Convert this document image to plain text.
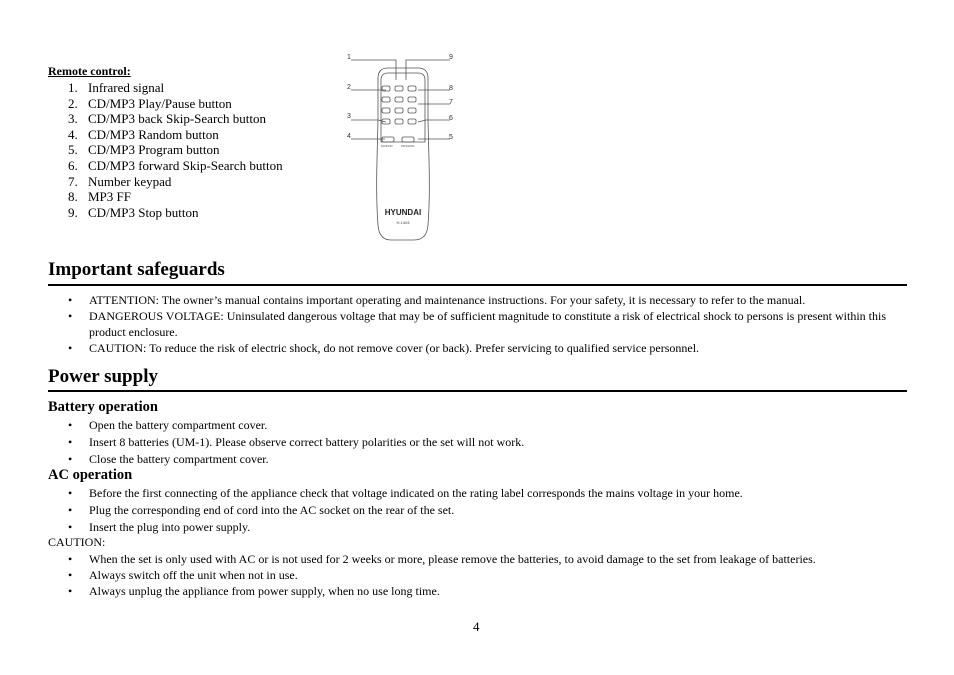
Remote control:
1. Infrared signal
2. CD/MP3 Play/Pause button
3. CD/MP3 back Skip-Search button
4. CD/MP3 Random button
5. CD/MP3 Program button
6. CD/MP3 forward Skip-Search button
7. Number keypad
8. MP3 FF
9. CD/MP3 Stop button
1
2
3
4
9
8
7
6
5
RANDOM	PROGRAM
HYUNDAI
H-1404
Important safeguards
• ATTENTION: The owner’s manual contains important operating and maintenance instructions. For your safety, it is necessary to refer to the manual.
• DANGEROUS VOLTAGE: Uninsulated dangerous voltage that may be of sufficient magnitude to constitute a risk of electrical shock to persons is present within this product enclosure.
• CAUTION: To reduce the risk of electric shock, do not remove cover (or back). Prefer servicing to qualified service personnel.
Power supply
Battery operation
• Open the battery compartment cover.
• Insert 8 batteries (UM-1). Please observe correct battery polarities or the set will not work.
• Close the battery compartment cover.
AC operation
• Before the first connecting of the appliance check that voltage indicated on the rating label corresponds the mains voltage in your home.
• Plug the corresponding end of cord into the AC socket on the rear of the set.
• Insert the plug into power supply.
CAUTION:
• When the set is only used with AC or is not used for 2 weeks or more, please remove the batteries, to avoid damage to the set from leakage of batteries.
• Always switch off the unit when not in use.
• Always unplug the appliance from power supply, when no use long time.
4
